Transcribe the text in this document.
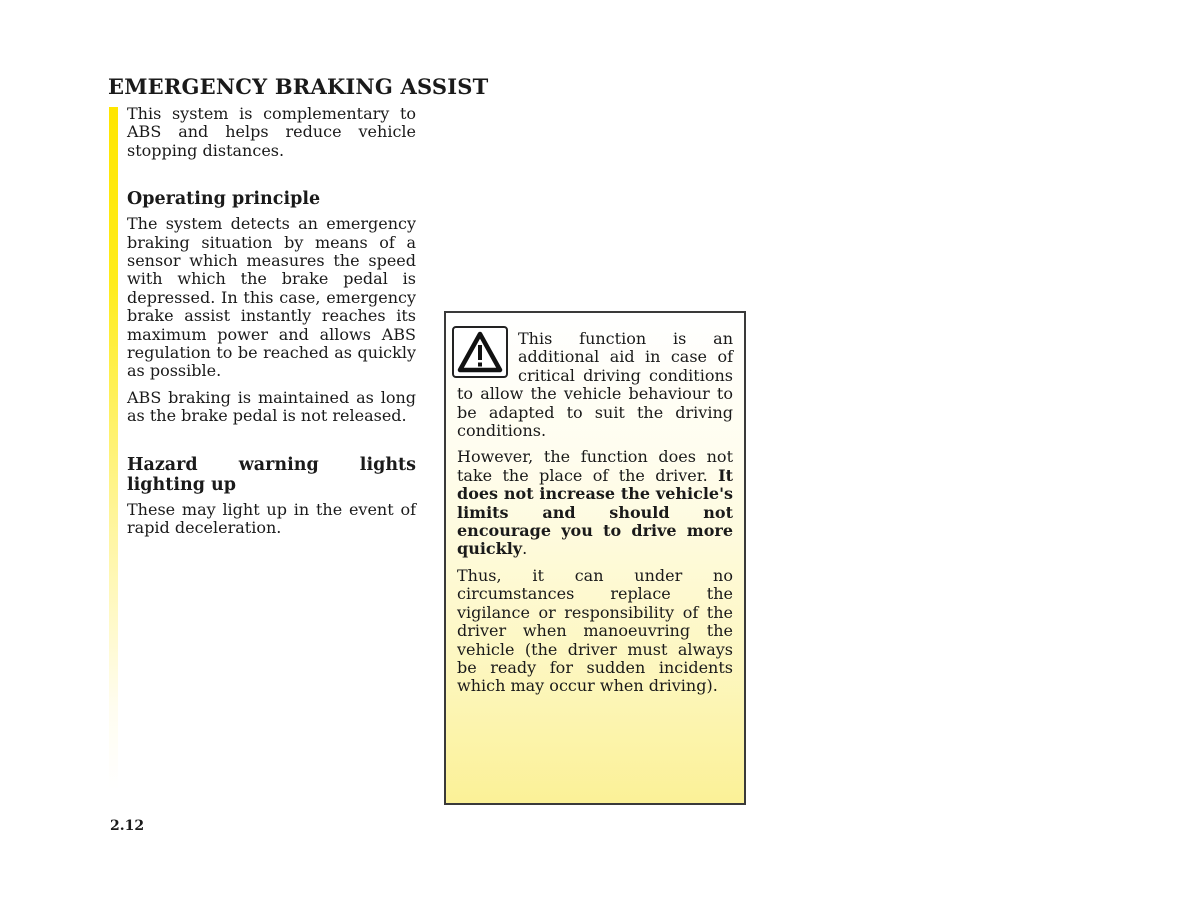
EMERGENCY BRAKING ASSIST

This system is complementary to ABS and helps reduce vehicle stopping distances.

Operating principle

The system detects an emergency braking situation by means of a sensor which measures the speed with which the brake pedal is depressed. In this case, emergency brake assist instantly reaches its maximum power and allows ABS regulation to be reached as quickly as possible.

ABS braking is maintained as long as the brake pedal is not released.

Hazard warning lights lighting up

These may light up in the event of rapid deceleration.

This function is an additional aid in case of critical driving conditions to allow the vehicle behaviour to be adapted to suit the driving conditions.

However, the function does not take the place of the driver. It does not increase the vehicle's limits and should not encourage you to drive more quickly.

Thus, it can under no circumstances replace the vigilance or responsibility of the driver when manoeuvring the vehicle (the driver must always be ready for sudden incidents which may occur when driving).

2.12
